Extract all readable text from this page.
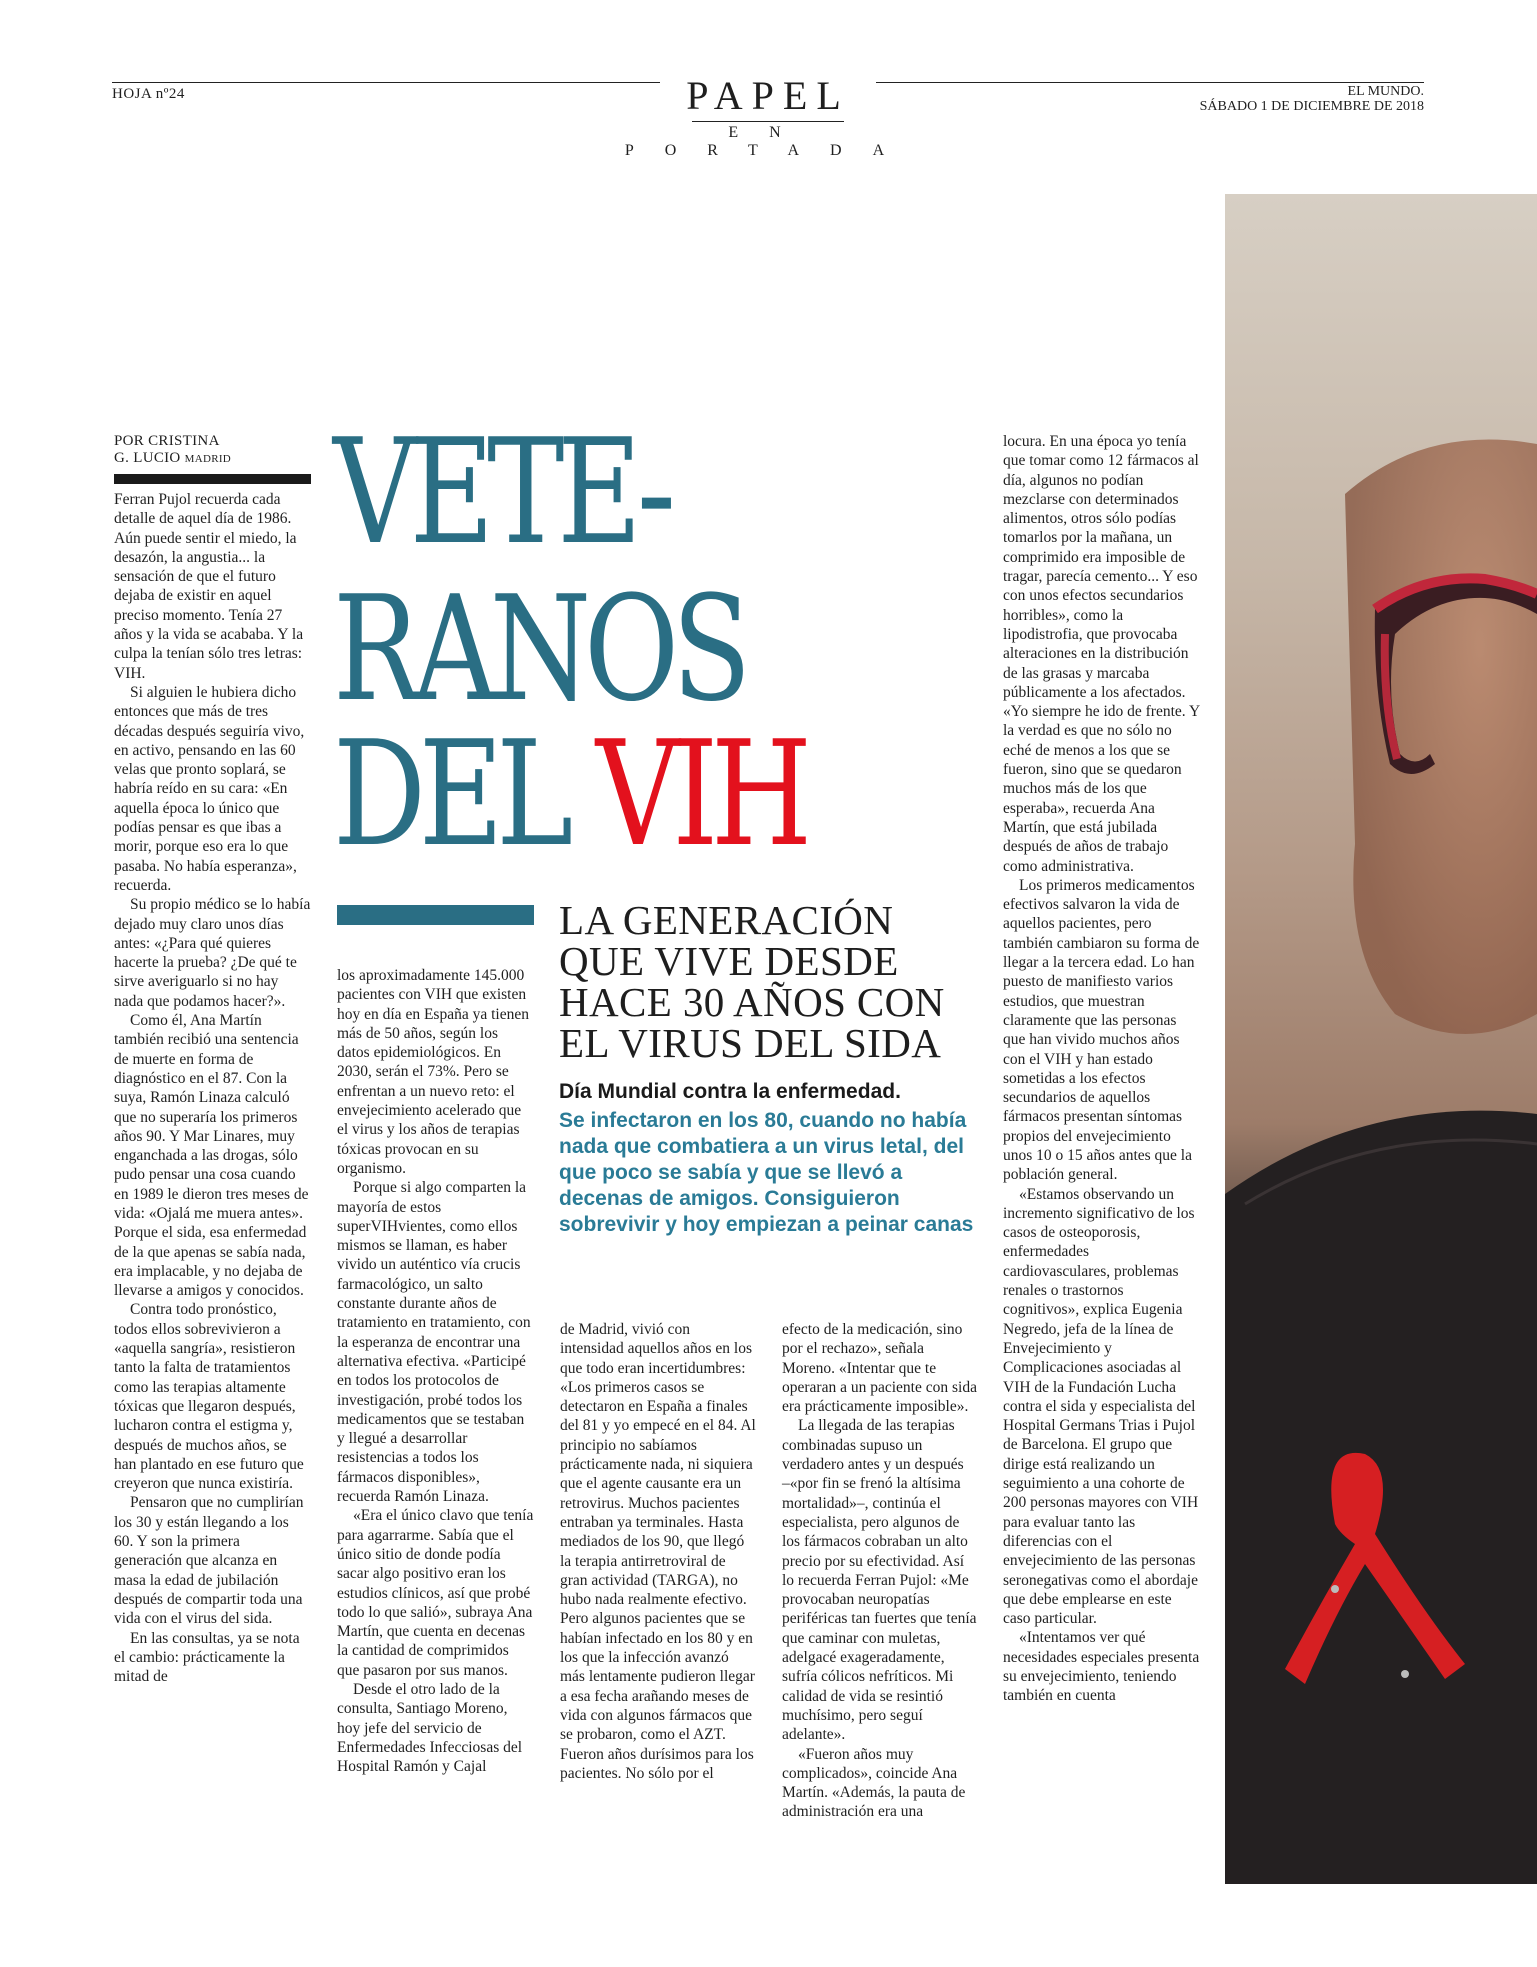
HOJA nº24	PAPEL
EN PORTADA
EL MUNDO.
SÁBADO 1 DE DICIEMBRE DE 2018
POR CRISTINA
G. LUCIO MADRID VETE-
RANOS
DEL VIH
LA GENERACIÓN QUE VIVE DESDE HACE 30 AÑOS CON EL VIRUS DEL SIDA
Día Mundial contra la enfermedad.
Se infectaron en los 80, cuando no había nada que combatiera a un virus letal, del que poco se sabía y que se llevó a decenas de amigos. Consiguieron sobrevivir y hoy empiezan a peinar canas

Ferran Pujol recuerda cada detalle de aquel día de 1986. Aún puede sentir el miedo, la desazón, la angustia... la sensación de que el futuro dejaba de existir en aquel preciso momento. Tenía 27 años y la vida se acababa. Y la culpa la tenían sólo tres letras: VIH.

Si alguien le hubiera dicho entonces que más de tres décadas después seguiría vivo, en activo, pensando en las 60 velas que pronto soplará, se habría reído en su cara: «En aquella época lo único que podías pensar es que ibas a morir, porque eso era lo que pasaba. No había esperanza», recuerda.

Su propio médico se lo había dejado muy claro unos días antes: «¿Para qué quieres hacerte la prueba? ¿De qué te sirve averiguarlo si no hay nada que podamos hacer?».

Como él, Ana Martín también recibió una sentencia de muerte en forma de diagnóstico en el 87. Con la suya, Ramón Linaza calculó que no superaría los primeros años 90. Y Mar Linares, muy enganchada a las drogas, sólo pudo pensar una cosa cuando en 1989 le dieron tres meses de vida: «Ojalá me muera antes». Porque el sida, esa enfermedad de la que apenas se sabía nada, era implacable, y no dejaba de llevarse a amigos y conocidos.

Contra todo pronóstico, todos ellos sobrevivieron a «aquella sangría», resistieron tanto la falta de tratamientos como las terapias altamente tóxicas que llegaron después, lucharon contra el estigma y, después de muchos años, se han plantado en ese futuro que creyeron que nunca existiría.

Pensaron que no cumplirían los 30 y están llegando a los 60. Y son la primera generación que alcanza en masa la edad de jubilación después de compartir toda una vida con el virus del sida.

En las consultas, ya se nota el cambio: prácticamente la mitad de

los aproximadamente 145.000 pacientes con VIH que existen hoy en día en España ya tienen más de 50 años, según los datos epidemiológicos. En 2030, serán el 73%. Pero se enfrentan a un nuevo reto: el envejecimiento acelerado que el virus y los años de terapias tóxicas provocan en su organismo.

Porque si algo comparten la mayoría de estos superVIHvientes, como ellos mismos se llaman, es haber vivido un auténtico vía crucis farmacológico, un salto constante durante años de tratamiento en tratamiento, con la esperanza de encontrar una alternativa efectiva. «Participé en todos los protocolos de investigación, probé todos los medicamentos que se testaban y llegué a desarrollar resistencias a todos los fármacos disponibles», recuerda Ramón Linaza.

«Era el único clavo que tenía para agarrarme. Sabía que el único sitio de donde podía sacar algo positivo eran los estudios clínicos, así que probé todo lo que salió», subraya Ana Martín, que cuenta en decenas la cantidad de comprimidos que pasaron por sus manos.

Desde el otro lado de la consulta, Santiago Moreno, hoy jefe del servicio de Enfermedades Infecciosas del Hospital Ramón y Cajal

de Madrid, vivió con intensidad aquellos años en los que todo eran incertidumbres: «Los primeros casos se detectaron en España a finales del 81 y yo empecé en el 84. Al principio no sabíamos prácticamente nada, ni siquiera que el agente causante era un retrovirus. Muchos pacientes entraban ya terminales. Hasta mediados de los 90, que llegó la terapia antirretroviral de gran actividad (TARGA), no hubo nada realmente efectivo. Pero algunos pacientes que se habían infectado en los 80 y en los que la infección avanzó más lentamente pudieron llegar a esa fecha arañando meses de vida con algunos fármacos que se probaron, como el AZT. Fueron años durísimos para los pacientes. No sólo por el

efecto de la medicación, sino por el rechazo», señala Moreno. «Intentar que te operaran a un paciente con sida era prácticamente imposible».

La llegada de las terapias combinadas supuso un verdadero antes y un después –«por fin se frenó la altísima mortalidad»–, continúa el especialista, pero algunos de los fármacos cobraban un alto precio por su efectividad. Así lo recuerda Ferran Pujol: «Me provocaban neuropatías periféricas tan fuertes que tenía que caminar con muletas, adelgacé exageradamente, sufría cólicos nefríticos. Mi calidad de vida se resintió muchísimo, pero seguí adelante».

«Fueron años muy complicados», coincide Ana Martín. «Además, la pauta de administración era una

locura. En una época yo tenía que tomar como 12 fármacos al día, algunos no podían mezclarse con determinados alimentos, otros sólo podías tomarlos por la mañana, un comprimido era imposible de tragar, parecía cemento... Y eso con unos efectos secundarios horribles», como la lipodistrofia, que provocaba alteraciones en la distribución de las grasas y marcaba públicamente a los afectados. «Yo siempre he ido de frente. Y la verdad es que no sólo no eché de menos a los que se fueron, sino que se quedaron muchos más de los que esperaba», recuerda Ana Martín, que está jubilada después de años de trabajo como administrativa.

Los primeros medicamentos efectivos salvaron la vida de aquellos pacientes, pero también cambiaron su forma de llegar a la tercera edad. Lo han puesto de manifiesto varios estudios, que muestran claramente que las personas que han vivido muchos años con el VIH y han estado sometidas a los efectos secundarios de aquellos fármacos presentan síntomas propios del envejecimiento unos 10 o 15 años antes que la población general.

«Estamos observando un incremento significativo de los casos de osteoporosis, enfermedades cardiovasculares, problemas renales o trastornos cognitivos», explica Eugenia Negredo, jefa de la línea de Envejecimiento y Complicaciones asociadas al VIH de la Fundación Lucha contra el sida y especialista del Hospital Germans Trias i Pujol de Barcelona. El grupo que dirige está realizando un seguimiento a una cohorte de 200 personas mayores con VIH para evaluar tanto las diferencias con el envejecimiento de las personas seronegativas como el abordaje que debe emplearse en este caso particular.

«Intentamos ver qué necesidades especiales presenta su envejecimiento, teniendo también en cuenta
